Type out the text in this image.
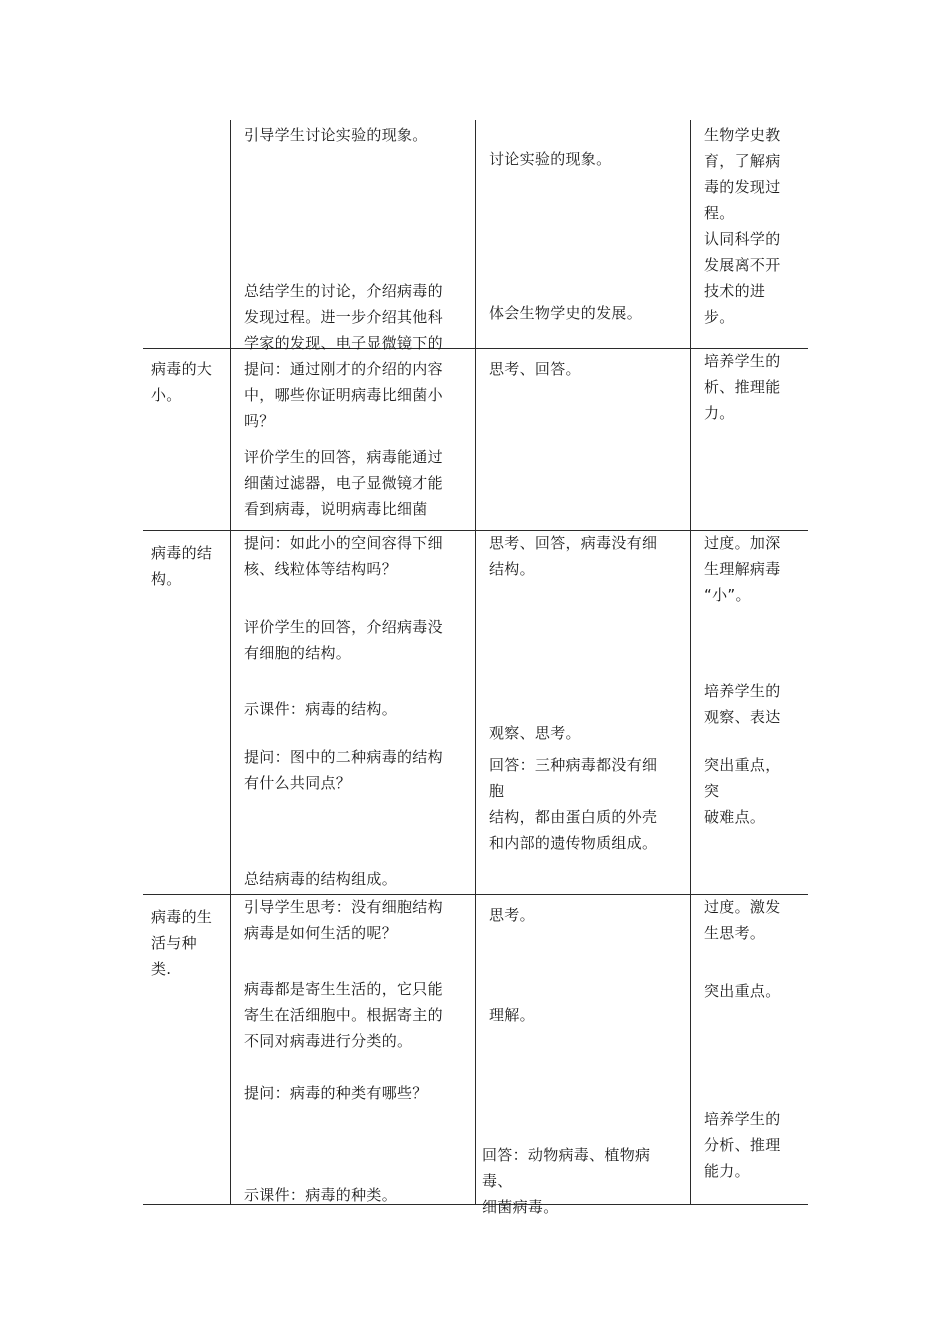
引导学生讨论实验的现象。
总结学生的讨论，介绍病毒的
发现过程。进一步介绍其他科
学家的发现、电子显微镜下的
讨论实验的现象。
体会生物学史的发展。
生物学史教
育，了解病
毒的发现过
程。
认同科学的
发展离不开
技术的进
步。
病毒的大
小。
提问：通过刚才的介绍的内容
中，哪些你证明病毒比细菌小
吗？
评价学生的回答，病毒能通过
细菌过滤器，电子显微镜才能
看到病毒，说明病毒比细菌
思考、回答。	培养学生的
析、推理能
力。
病毒的结
构。
提问：如此小的空间容得下细
核、线粒体等结构吗？
评价学生的回答，介绍病毒没
有细胞的结构。
示课件：病毒的结构。
提问：图中的二种病毒的结构
有什么共同点？
总结病毒的结构组成。
思考、回答，病毒没有细
结构。
观察、思考。
回答：三种病毒都没有细
胞
结构，都由蛋白质的外壳
和内部的遗传物质组成。
过度。加深
生理解病毒
“小”。
培养学生的
观察、表达
突出重点，
突
破难点。
病毒的生
活与种
类.
引导学生思考：没有细胞结构
病毒是如何生活的呢？
病毒都是寄生生活的，它只能
寄生在活细胞中。根据寄主的
不同对病毒进行分类的。
提问：病毒的种类有哪些？
示课件：病毒的种类。
思考。
理解。
回答：动物病毒、植物病
毒、
细菌病毒。
过度。激发
生思考。
突出重点。
培养学生的
分析、推理
能力。
